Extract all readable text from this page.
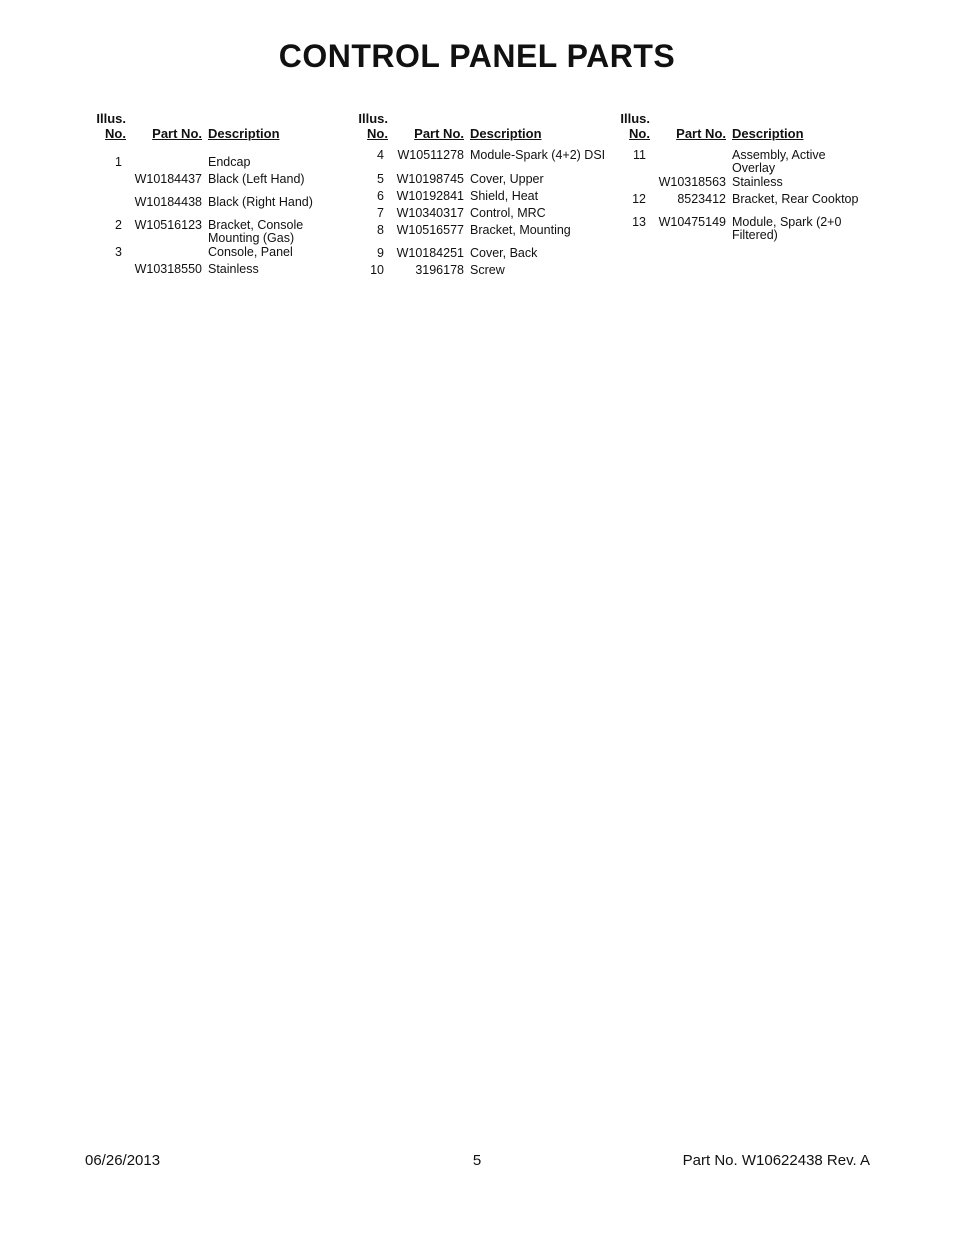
CONTROL PANEL PARTS
Illus.
No.	Part No. Description
1	Endcap
W10184437 Black (Left Hand)
W10184438 Black (Right Hand)
2	W10516123 Bracket, Console
Mounting (Gas)
3	Console, Panel
W10318550 Stainless
Illus.
No.	Part No. Description
4	W10511278 Module-Spark (4+2) DSI
5	W10198745 Cover, Upper
6	W10192841 Shield, Heat
7	W10340317 Control, MRC
8	W10516577 Bracket, Mounting
9	W10184251 Cover, Back
10	3196178 Screw
Illus.
No.	Part No. Description
11	Assembly, Active
Overlay
W10318563 Stainless
12	8523412 Bracket, Rear Cooktop
13	W10475149 Module, Spark (2+0
Filtered)
06/26/2013	5	Part No. W10622438 Rev. A
